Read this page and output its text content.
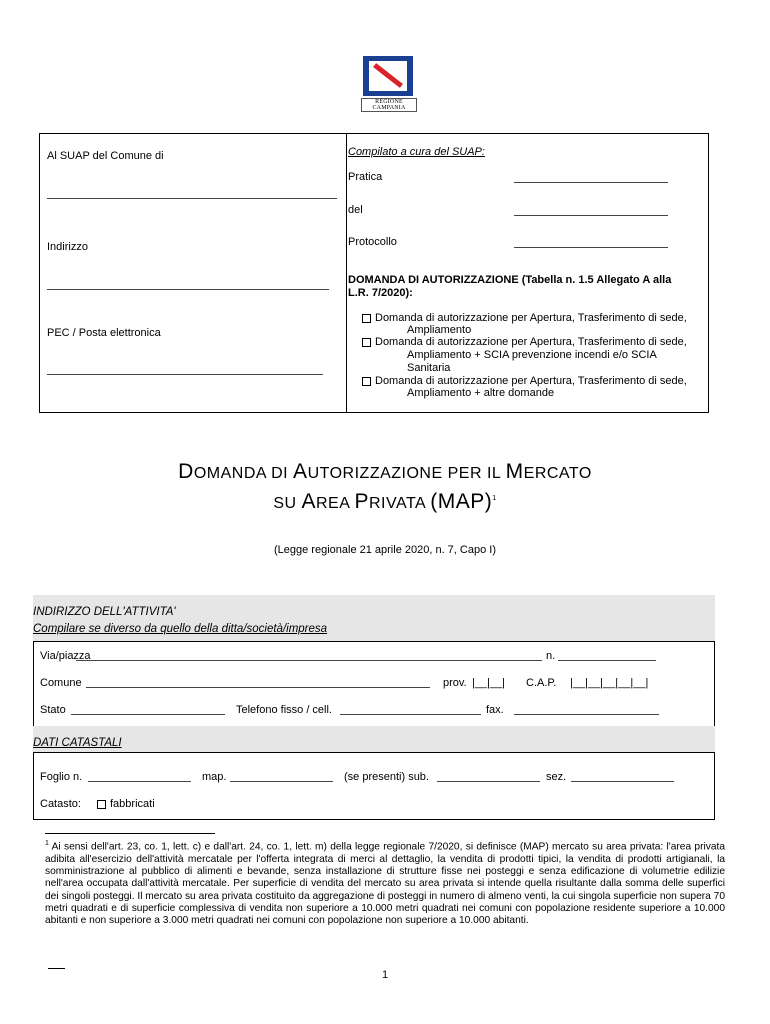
REGIONE CAMPANIA
Al SUAP del Comune di
Indirizzo
PEC / Posta elettronica
Compilato a cura del SUAP:
Pratica
del
Protocollo
DOMANDA DI AUTORIZZAZIONE (Tabella n. 1.5 Allegato A alla
L.R. 7/2020):
Domanda di autorizzazione per Apertura, Trasferimento di sede,
Ampliamento
Domanda di autorizzazione per Apertura, Trasferimento di sede,
Ampliamento + SCIA prevenzione incendi e/o SCIA
Sanitaria
Domanda di autorizzazione per Apertura, Trasferimento di sede,
Ampliamento + altre domande
DOMANDA DI AUTORIZZAZIONE PER IL MERCATO
SU AREA PRIVATA (MAP)$^1$
(Legge regionale 21 aprile 2020, n. 7, Capo I)
INDIRIZZO DELL'ATTIVITA'
Compilare se diverso da quello della ditta/società/impresa
Via/piazza	n.
Comune	prov. |__|__| C.A.P. |__|__|__|__|__|
Stato	Telefono fisso / cell.	fax.
DATI CATASTALI
Foglio n.	map.	(se presenti) sub.	sez.
Catasto:	fabbricati
$^1$ Ai sensi dell'art. 23, co. 1, lett. c) e dall'art. 24, co. 1, lett. m) della legge regionale 7/2020, si definisce (MAP) mercato su area privata: l'area privata adibita all'esercizio dell'attività mercatale per l'offerta integrata di merci al dettaglio, la vendita di prodotti tipici, la vendita di prodotti artigianali, la somministrazione al pubblico di alimenti e bevande, senza installazione di strutture fisse nei posteggi e senza edificazione di volumetrie edilizie nell'area occupata dall'attività mercatale. Per superficie di vendita del mercato su area privata si intende quella risultante dalla somma delle superfici dei singoli posteggi. Il mercato su area privata costituito da aggregazione di posteggi in numero di almeno venti, la cui singola superficie non supera 70 metri quadrati e di superficie complessiva di vendita non superiore a 10.000 metri quadrati nei comuni con popolazione residente superiore a 10.000 abitanti e non superiore a 3.000 metri quadrati nei comuni con popolazione non superiore a 10.000 abitanti.
1
